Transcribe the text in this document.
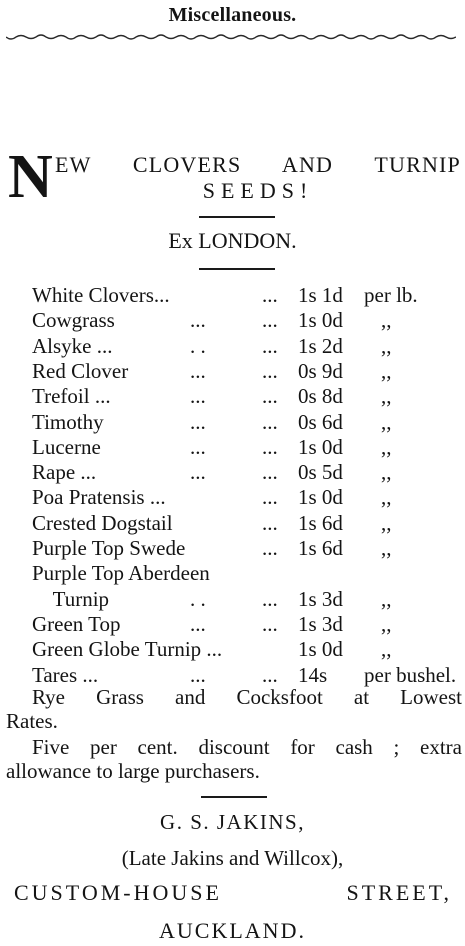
Miscellaneous.
N EW CLOVERS AND TURNIP
SEEDS!
Ex LONDON.
White Clovers...	... 1s 1d per lb.
Cowgrass	...	... 1s 0d ,,
Alsyke ...	. .	... 1s 2d ,,
Red Clover	...	... 0s 9d ,,
Trefoil ...	...	... 0s 8d ,,
Timothy	...	... 0s 6d ,,
Lucerne	...	... 1s 0d ,,
Rape ...	...	... 0s 5d ,,
Poa Pratensis ...	... 1s 0d ,,
Crested Dogstail	... 1s 6d ,,
Purple Top Swede	... 1s 6d ,,
Purple Top Aberdeen
Turnip	. .	... 1s 3d ,,
Green Top	...	... 1s 3d ,,
Green Globe Turnip ...	1s 0d ,,
Tares ...	...	... 14s per bushel.
Rye Grass and Cocksfoot at Lowest
Rates.
Five per cent. discount for cash ; extra
allowance to large purchasers.
G. S. JAKINS,
(Late Jakins and Willcox),
CUSTOM-HOUSE STREET,
AUCKLAND.
